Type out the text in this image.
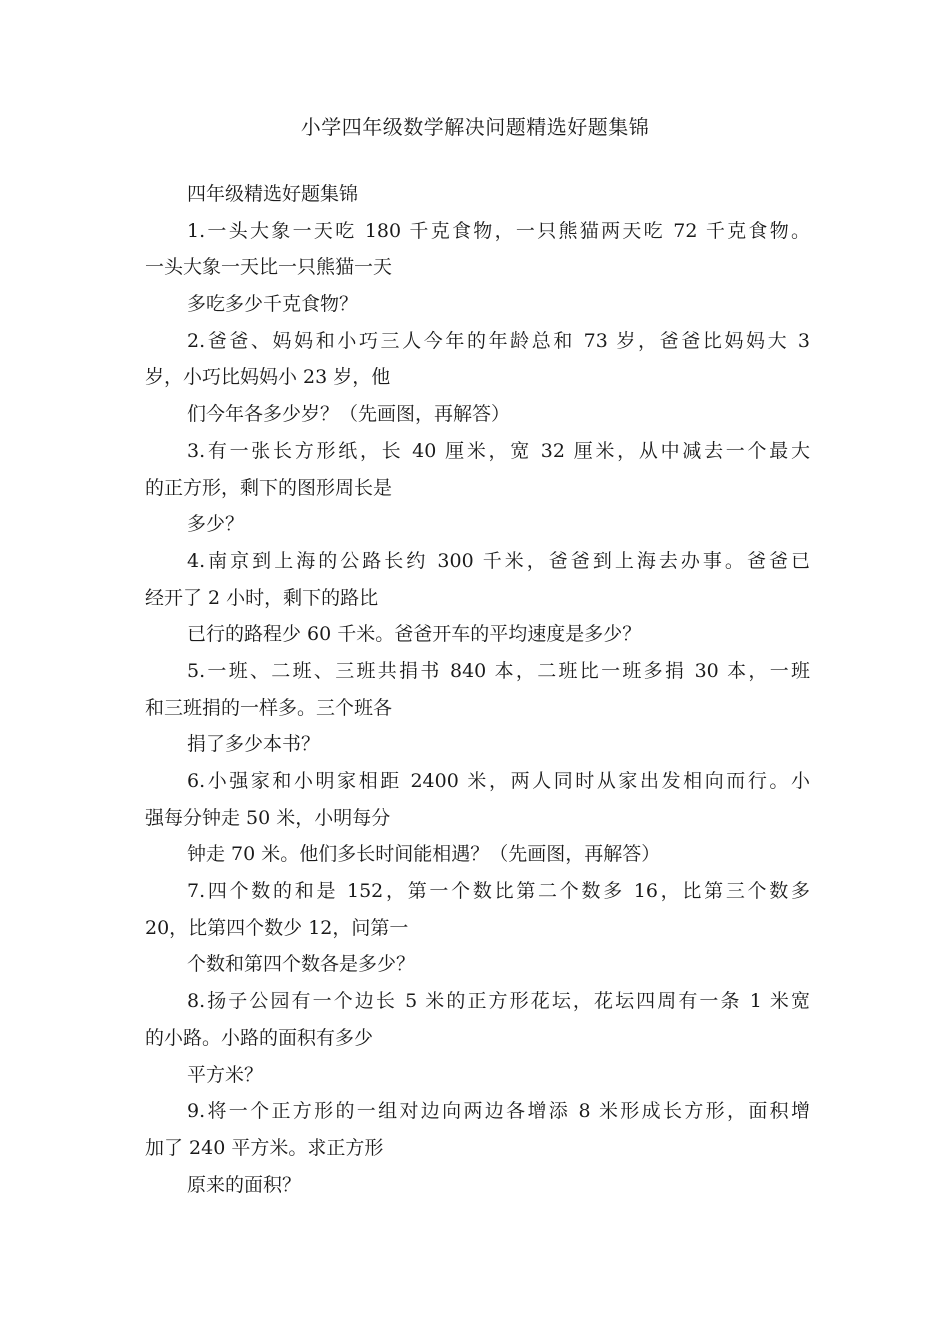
小学四年级数学解决问题精选好题集锦
四年级精选好题集锦
1.一头大象一天吃 180 千克食物，一只熊猫两天吃 72 千克食物。
一头大象一天比一只熊猫一天
多吃多少千克食物？
2.爸爸、妈妈和小巧三人今年的年龄总和 73 岁，爸爸比妈妈大 3
岁，小巧比妈妈小 23 岁，他
们今年各多少岁？（先画图，再解答）
3.有一张长方形纸，长 40 厘米，宽 32 厘米，从中减去一个最大
的正方形，剩下的图形周长是
多少？
4.南京到上海的公路长约 300 千米，爸爸到上海去办事。爸爸已
经开了 2 小时，剩下的路比
已行的路程少 60 千米。爸爸开车的平均速度是多少？
5.一班、二班、三班共捐书 840 本，二班比一班多捐 30 本，一班
和三班捐的一样多。三个班各
捐了多少本书？
6.小强家和小明家相距 2400 米，两人同时从家出发相向而行。小
强每分钟走 50 米，小明每分
钟走 70 米。他们多长时间能相遇？（先画图，再解答）
7.四个数的和是 152，第一个数比第二个数多 16，比第三个数多
20，比第四个数少 12，问第一
个数和第四个数各是多少？
8.扬子公园有一个边长 5 米的正方形花坛，花坛四周有一条 1 米宽
的小路。小路的面积有多少
平方米？
9.将一个正方形的一组对边向两边各增添 8 米形成长方形，面积增
加了 240 平方米。求正方形
原来的面积？
